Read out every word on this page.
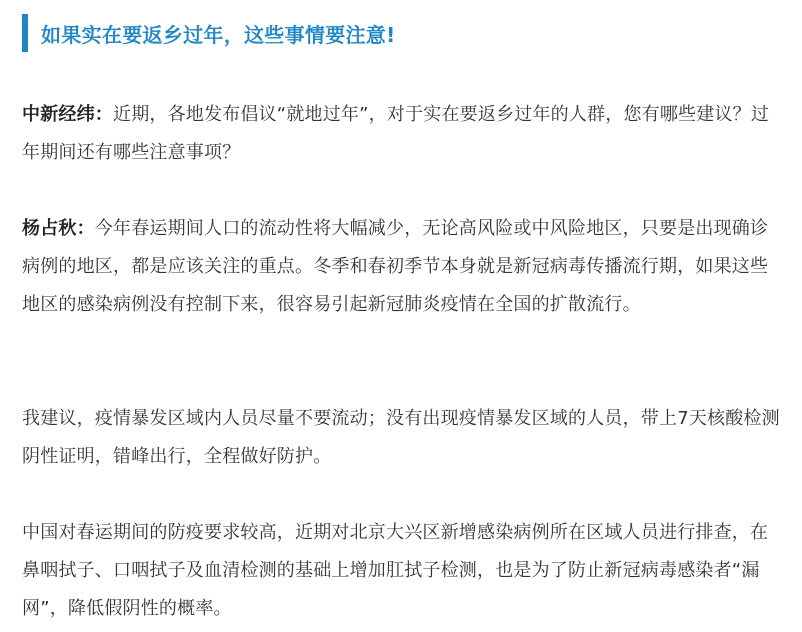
如果实在要返乡过年，这些事情要注意!

中新经纬：近期，各地发布倡议“就地过年”，对于实在要返乡过年的人群，您有哪些建议？过年期间还有哪些注意事项？

杨占秋：今年春运期间人口的流动性将大幅减少，无论高风险或中风险地区，只要是出现确诊病例的地区，都是应该关注的重点。冬季和春初季节本身就是新冠病毒传播流行期，如果这些地区的感染病例没有控制下来，很容易引起新冠肺炎疫情在全国的扩散流行。

我建议，疫情暴发区域内人员尽量不要流动；没有出现疫情暴发区域的人员，带上7天核酸检测阴性证明，错峰出行，全程做好防护。

中国对春运期间的防疫要求较高，近期对北京大兴区新增感染病例所在区域人员进行排查，在鼻咽拭子、口咽拭子及血清检测的基础上增加肛拭子检测，也是为了防止新冠病毒感染者“漏网”，降低假阴性的概率。
